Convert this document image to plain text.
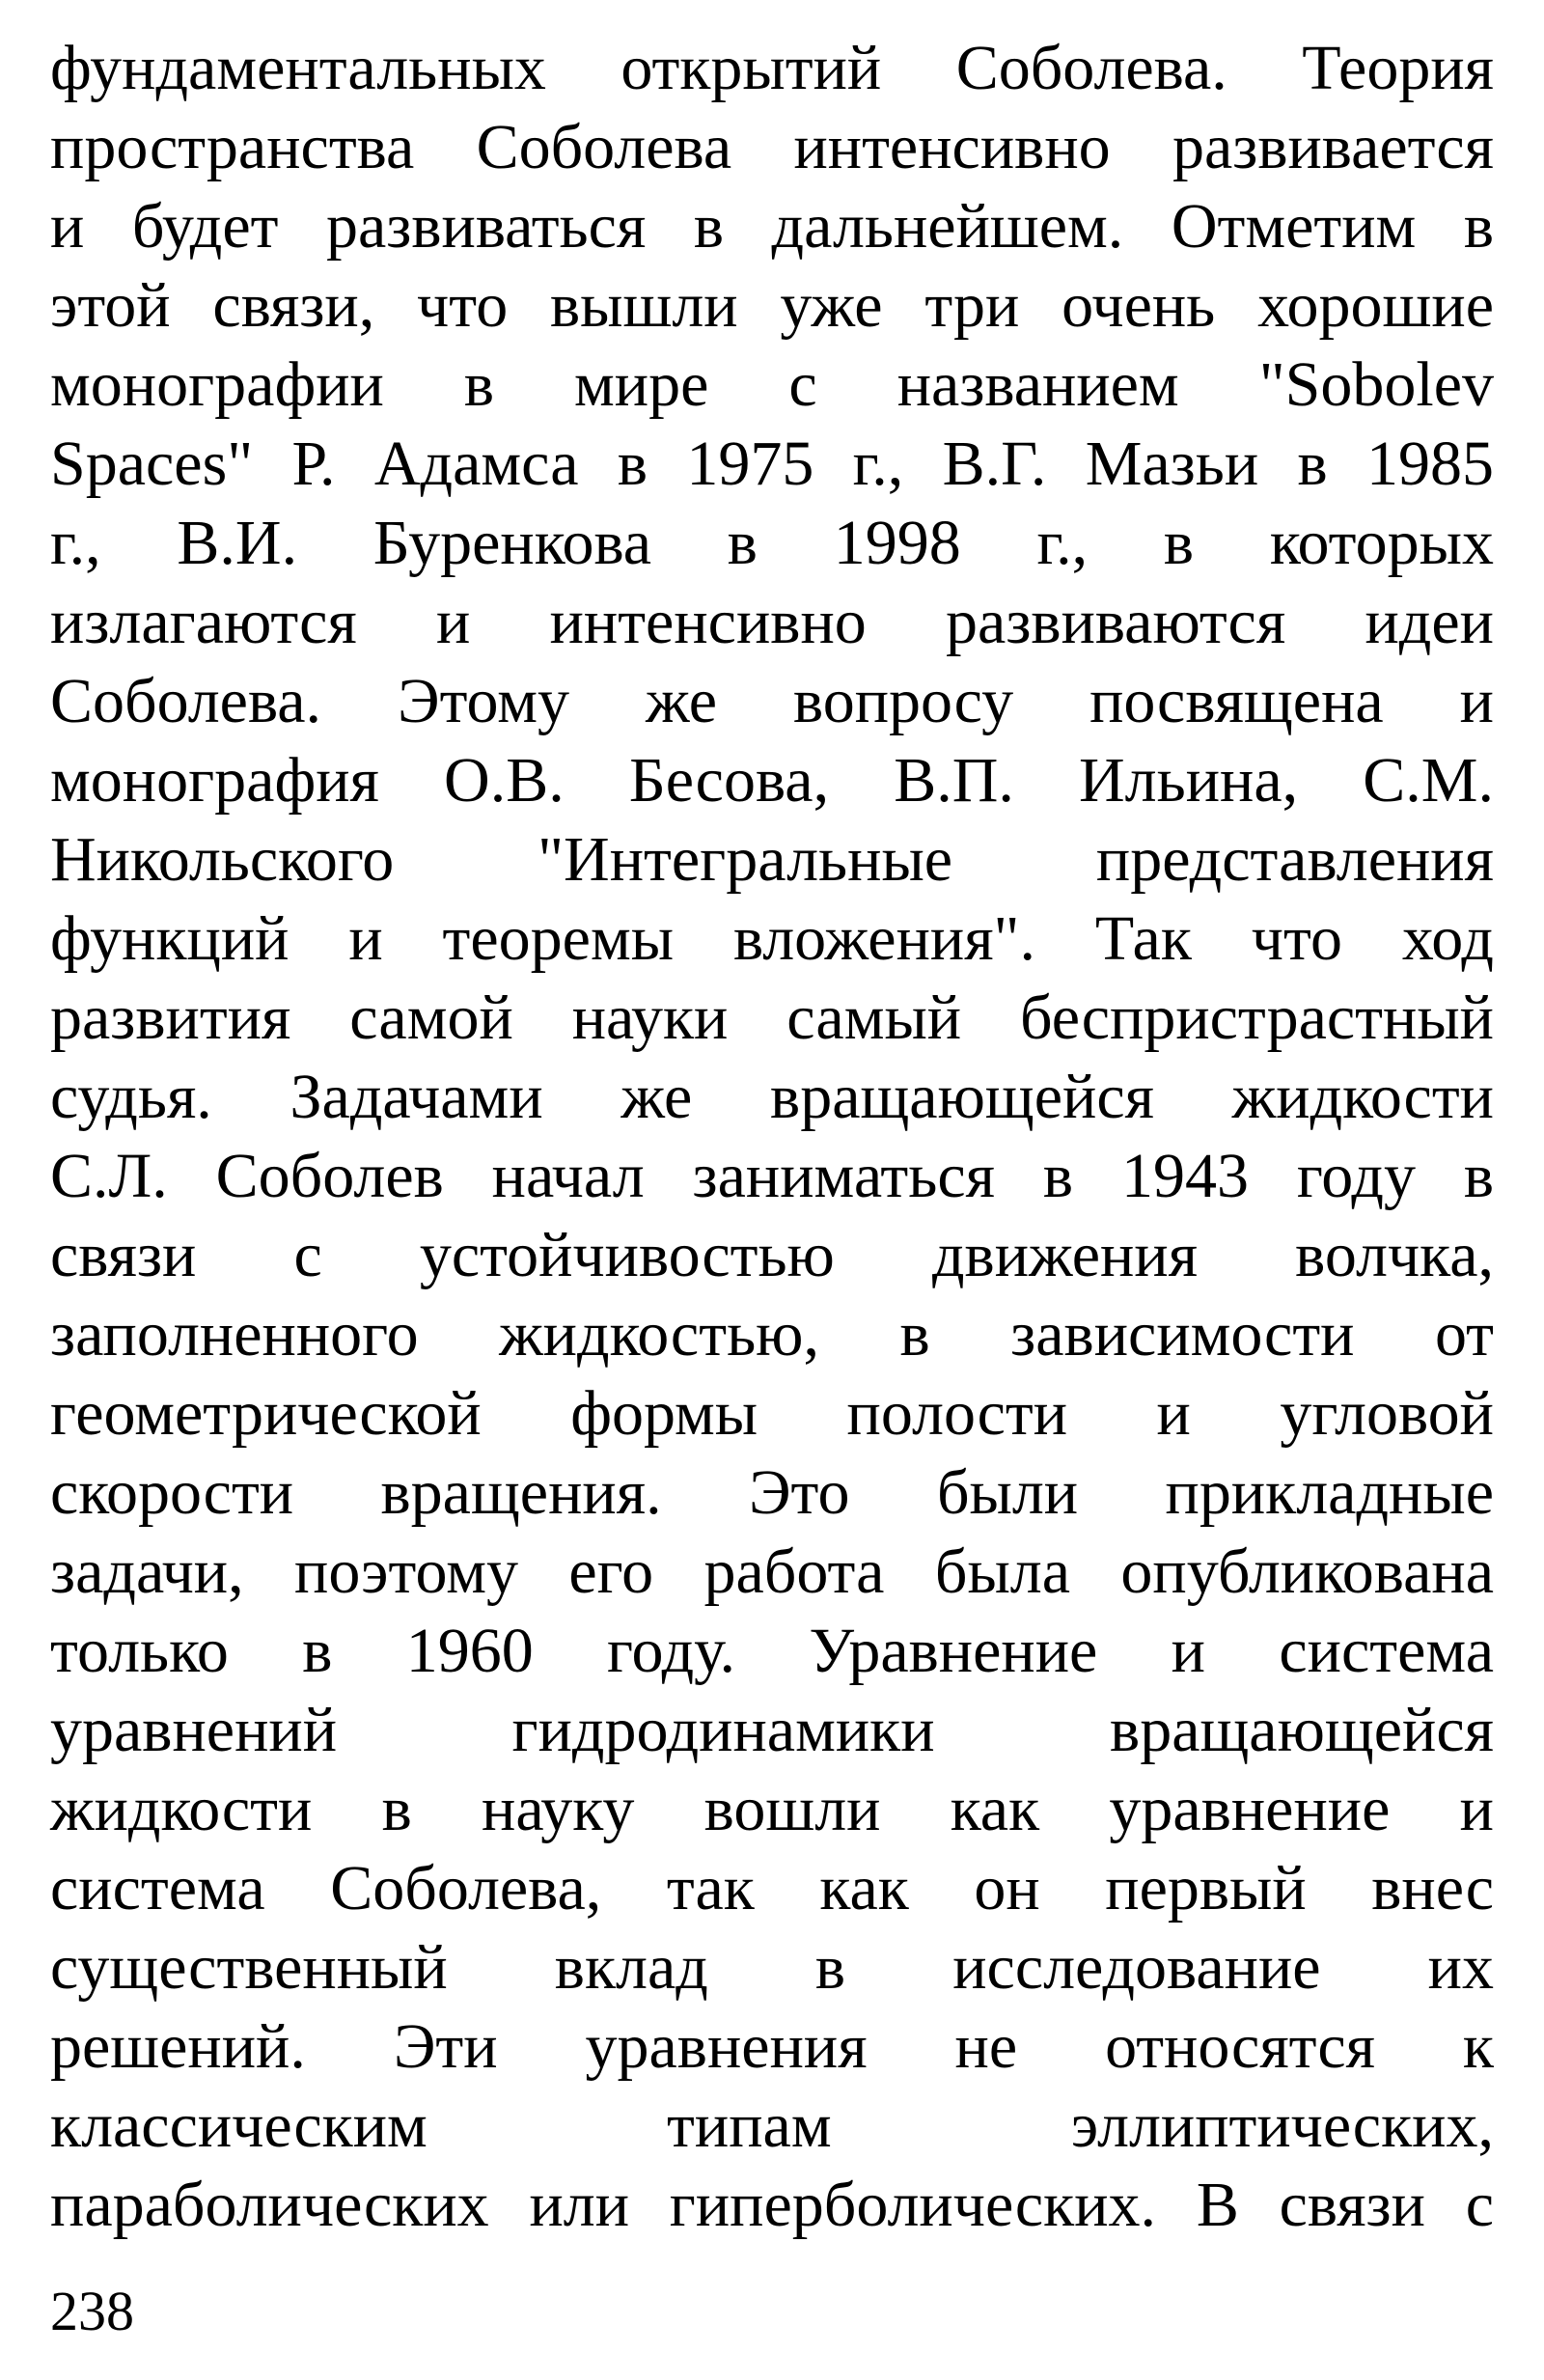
фундаментальных открытий Соболева. Теория
пространства Соболева интенсивно развивается
и будет развиваться в дальнейшем. Отметим в
этой связи, что вышли уже три очень хорошие
монографии в мире с названием "Sobolev
Spaces" Р. Адамса в 1975 г., В.Г. Мазьи в 1985
г., В.И. Буренкова в 1998 г., в которых
излагаются и интенсивно развиваются идеи
Соболева. Этому же вопросу посвящена и
монография О.В. Бесова, В.П. Ильина, С.М.
Никольского "Интегральные представления
функций и теоремы вложения". Так что ход
развития самой науки самый беспристрастный
судья. Задачами же вращающейся жидкости
С.Л. Соболев начал заниматься в 1943 году в
связи с устойчивостью движения волчка,
заполненного жидкостью, в зависимости от
геометрической формы полости и угловой
скорости вращения. Это были прикладные
задачи, поэтому его работа была опубликована
только в 1960 году. Уравнение и система
уравнений гидродинамики вращающейся
жидкости в науку вошли как уравнение и
система Соболева, так как он первый внес
существенный вклад в исследование их
решений. Эти уравнения не относятся к
классическим типам эллиптических,
параболических или гиперболических. В связи с
238
